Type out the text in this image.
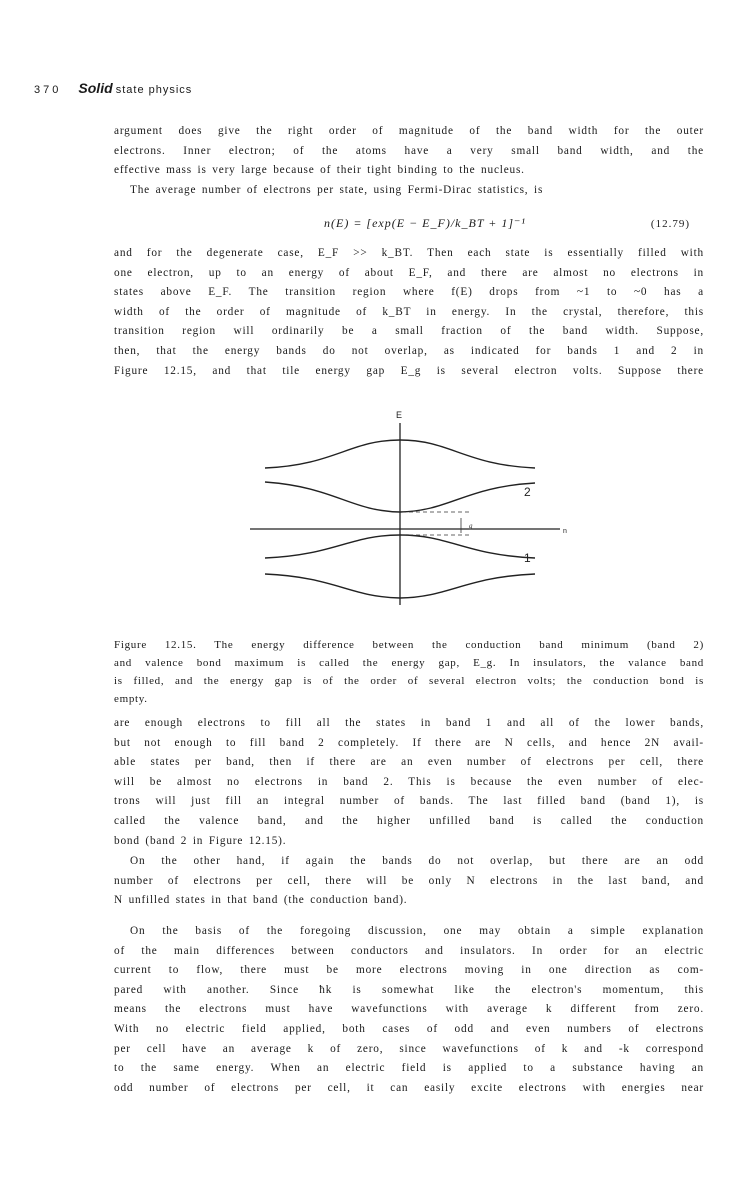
370 Solid state physics
argument does give the right order of magnitude of the band width for the outer
electrons. Inner electron; of the atoms have a very small band width, and the
effective mass is very large because of their tight binding to the nucleus.
The average number of electrons per state, using Fermi-Dirac statistics, is
n(E) = [exp(E − E_F)/k_BT + 1]⁻¹	(12.79)
and for the degenerate case, E_F >> k_BT. Then each state is essentially filled with
one electron, up to an energy of about E_F, and there are almost no electrons in
states above E_F. The transition region where f(E) drops from ~1 to ~0 has a
width of the order of magnitude of k_BT in energy. In the crystal, therefore, this
transition region will ordinarily be a small fraction of the band width. Suppose,
then, that the energy bands do not overlap, as indicated for bands 1 and 2 in
Figure 12.15, and that tile energy gap E_g is several electron volts. Suppose there
E
n
g
2
1
Figure 12.15. The energy difference between the conduction band minimum (band 2)
and valence bond maximum is called the energy gap, E_g. In insulators, the valance band
is filled, and the energy gap is of the order of several electron volts; the conduction bond is
empty.
are enough electrons to fill all the states in band 1 and all of the lower bands,
but not enough to fill band 2 completely. If there are N cells, and hence 2N avail-
able states per band, then if there are an even number of electrons per cell, there
will be almost no electrons in band 2. This is because the even number of elec-
trons will just fill an integral number of bands. The last filled band (band 1), is
called the valence band, and the higher unfilled band is called the conduction
bond (band 2 in Figure 12.15).
On the other hand, if again the bands do not overlap, but there are an odd
number of electrons per cell, there will be only N electrons in the last band, and
N unfilled states in that band (the conduction band).
On the basis of the foregoing discussion, one may obtain a simple explanation
of the main differences between conductors and insulators. In order for an electric
current to flow, there must be more electrons moving in one direction as com-
pared with another. Since ħk is somewhat like the electron's momentum, this
means the electrons must have wavefunctions with average k different from zero.
With no electric field applied, both cases of odd and even numbers of electrons
per cell have an average k of zero, since wavefunctions of k and -k correspond
to the same energy. When an electric field is applied to a substance having an
odd number of electrons per cell, it can easily excite electrons with energies near
